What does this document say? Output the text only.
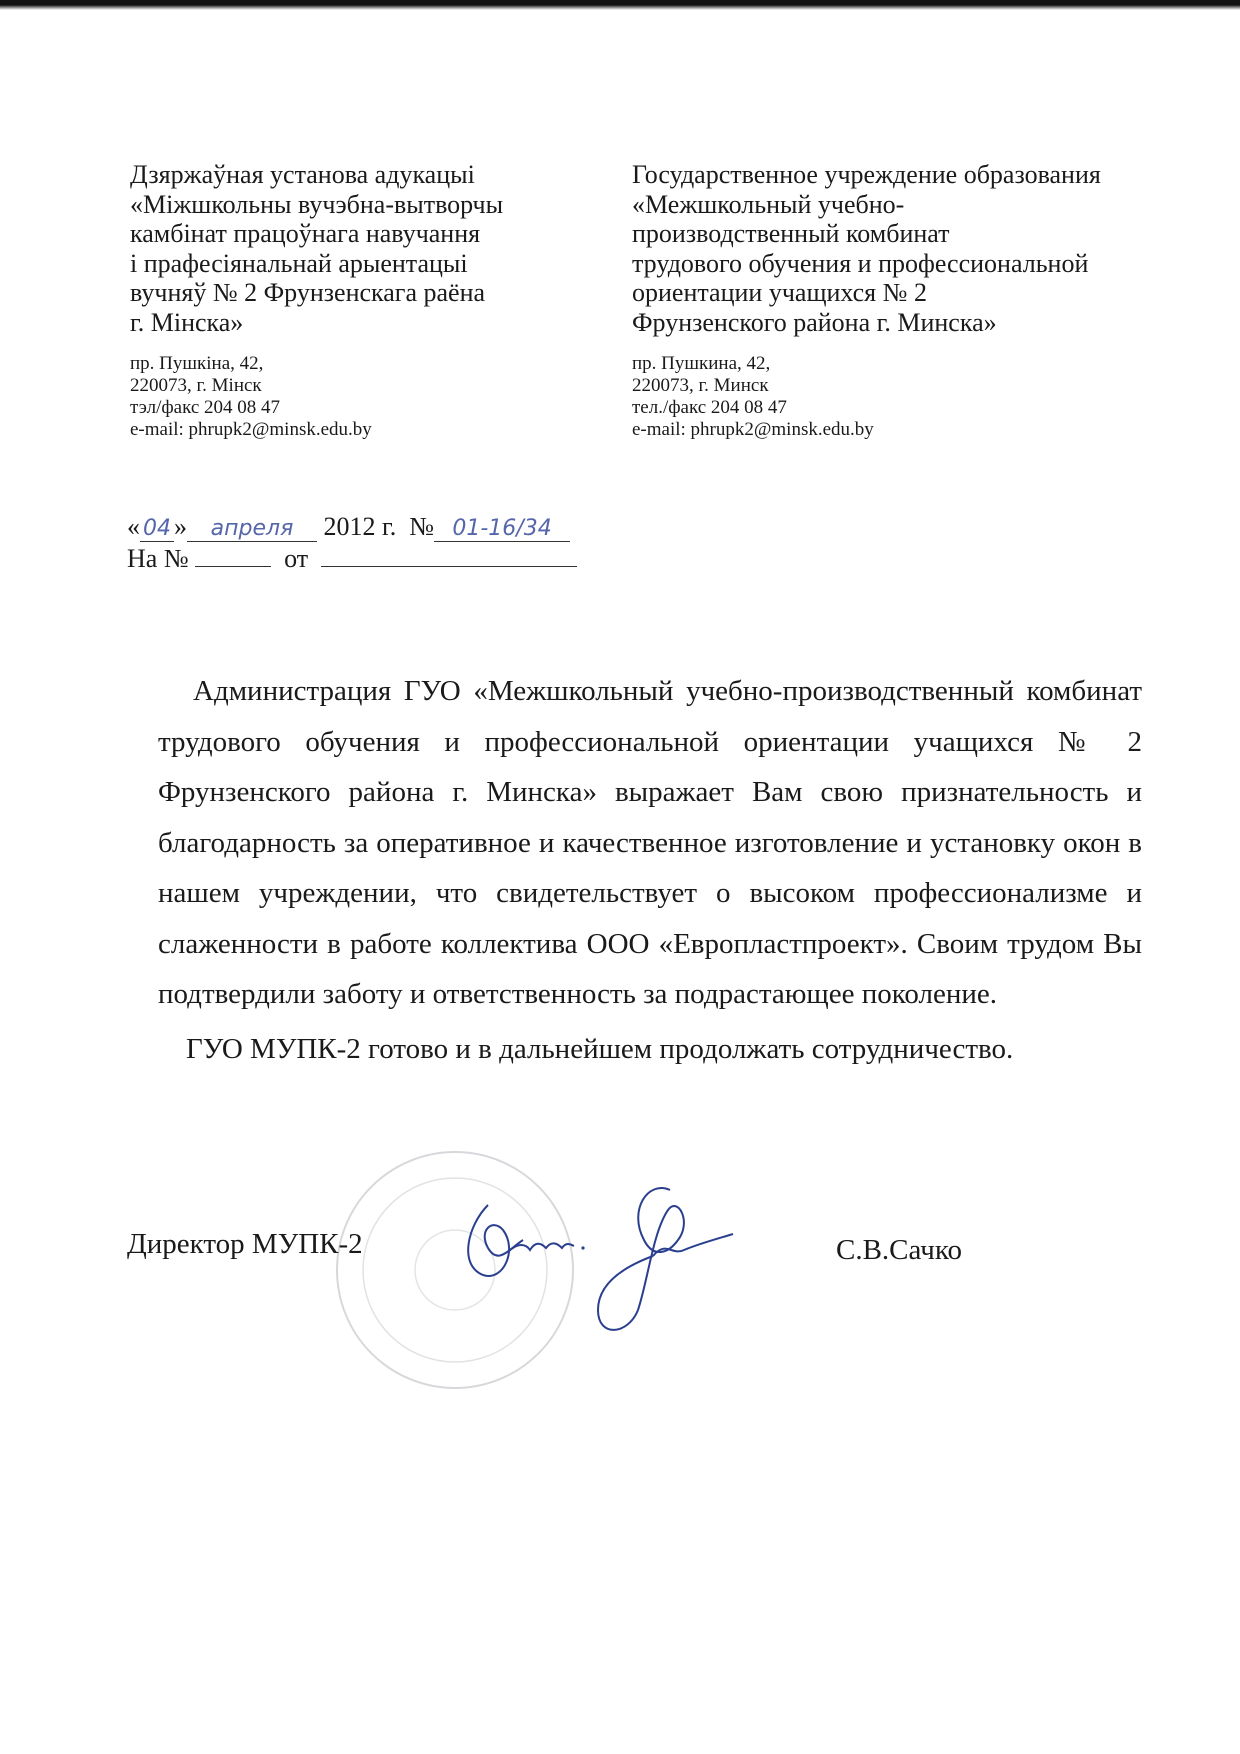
Дзяржаўная установа адукацыі
«Міжшкольны вучэбна-вытворчы
камбінат працоўнага навучання
і прафесіянальнай арыентацыі
вучняў № 2 Фрунзенскага раёна
г. Мінска»
пр. Пушкіна, 42,
220073, г. Мінск
тэл/факс 204 08 47
e-mail: phrupk2@minsk.edu.by
Государственное учреждение образования
«Межшкольный учебно-
производственный комбинат
трудового обучения и профессиональной
ориентации учащихся № 2
Фрунзенского района г. Минска»
пр. Пушкина, 42,
220073, г. Минск
тел./факс 204 08 47
e-mail: phrupk2@minsk.edu.by
« 04 » апреля 2012 г. № 01-16/34
На №	от

Администрация ГУО «Межшкольный учебно-производственный комбинат трудового обучения и профессиональной ориентации учащихся № 2 Фрунзенского района г. Минска» выражает Вам свою признательность и благодарность за оперативное и качественное изготовление и установку окон в нашем учреждении, что свидетельствует о высоком профессионализме и слаженности в работе коллектива ООО «Европластпроект». Своим трудом Вы подтвердили заботу и ответственность за подрастающее поколение.

ГУО МУПК-2 готово и в дальнейшем продолжать сотрудничество.

Директор МУПК-2	С.В.Сачко
